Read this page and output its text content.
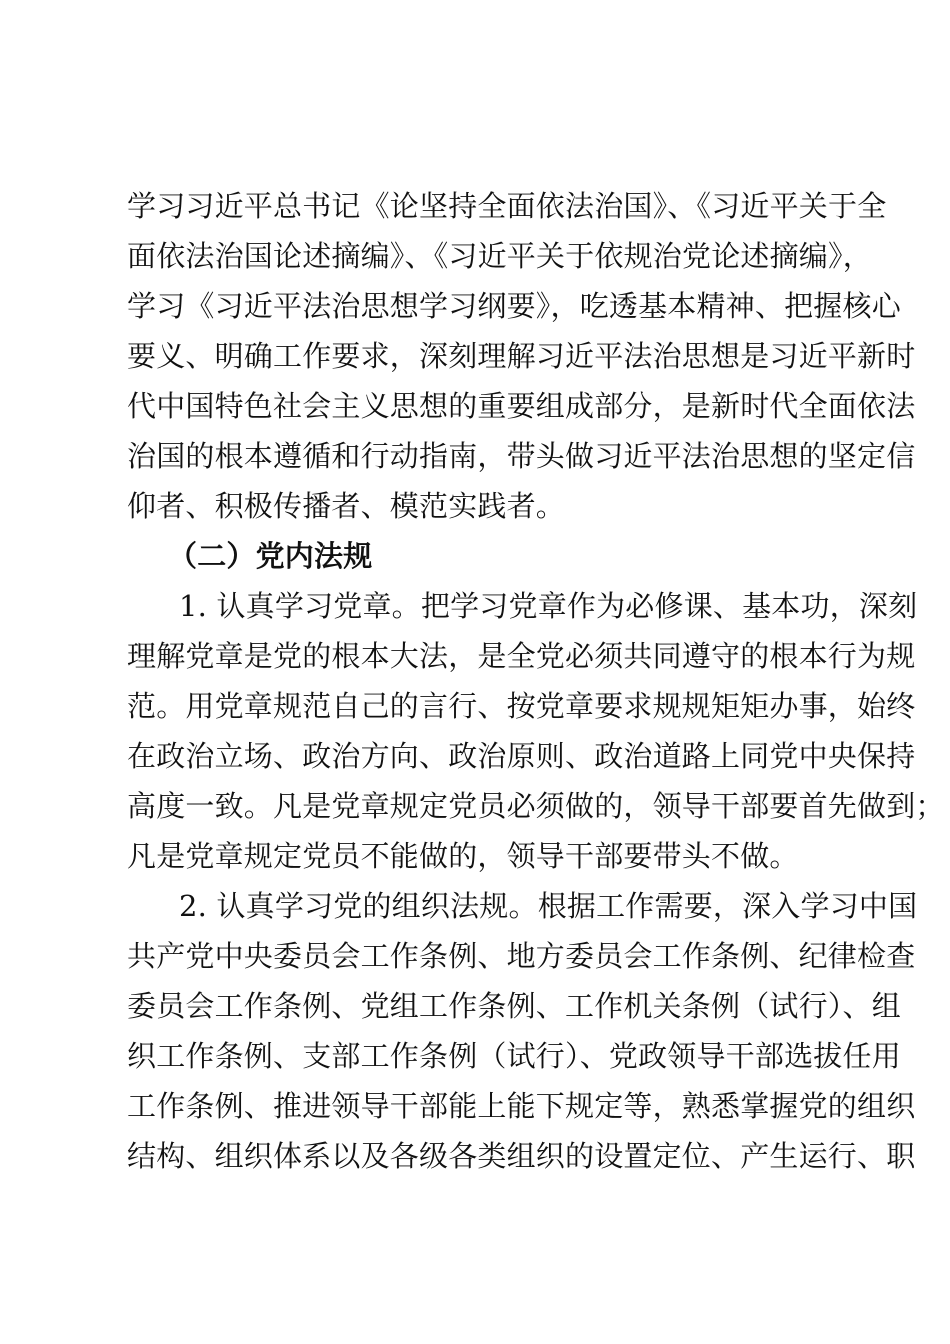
学习习近平总书记《论坚持全面依法治国》、《习近平关于全
面依法治国论述摘编》、《习近平关于依规治党论述摘编》，
学习《习近平法治思想学习纲要》，吃透基本精神、把握核心
要义、明确工作要求，深刻理解习近平法治思想是习近平新时
代中国特色社会主义思想的重要组成部分，是新时代全面依法
治国的根本遵循和行动指南，带头做习近平法治思想的坚定信
仰者、积极传播者、模范实践者。
（二）党内法规
1. 认真学习党章。把学习党章作为必修课、基本功，深刻
理解党章是党的根本大法，是全党必须共同遵守的根本行为规
范。用党章规范自己的言行、按党章要求规规矩矩办事，始终
在政治立场、政治方向、政治原则、政治道路上同党中央保持
高度一致。凡是党章规定党员必须做的，领导干部要首先做到；
凡是党章规定党员不能做的，领导干部要带头不做。
2. 认真学习党的组织法规。根据工作需要，深入学习中国
共产党中央委员会工作条例、地方委员会工作条例、纪律检查
委员会工作条例、党组工作条例、工作机关条例（试行）、组
织工作条例、支部工作条例（试行）、党政领导干部选拔任用
工作条例、推进领导干部能上能下规定等，熟悉掌握党的组织
结构、组织体系以及各级各类组织的设置定位、产生运行、职
